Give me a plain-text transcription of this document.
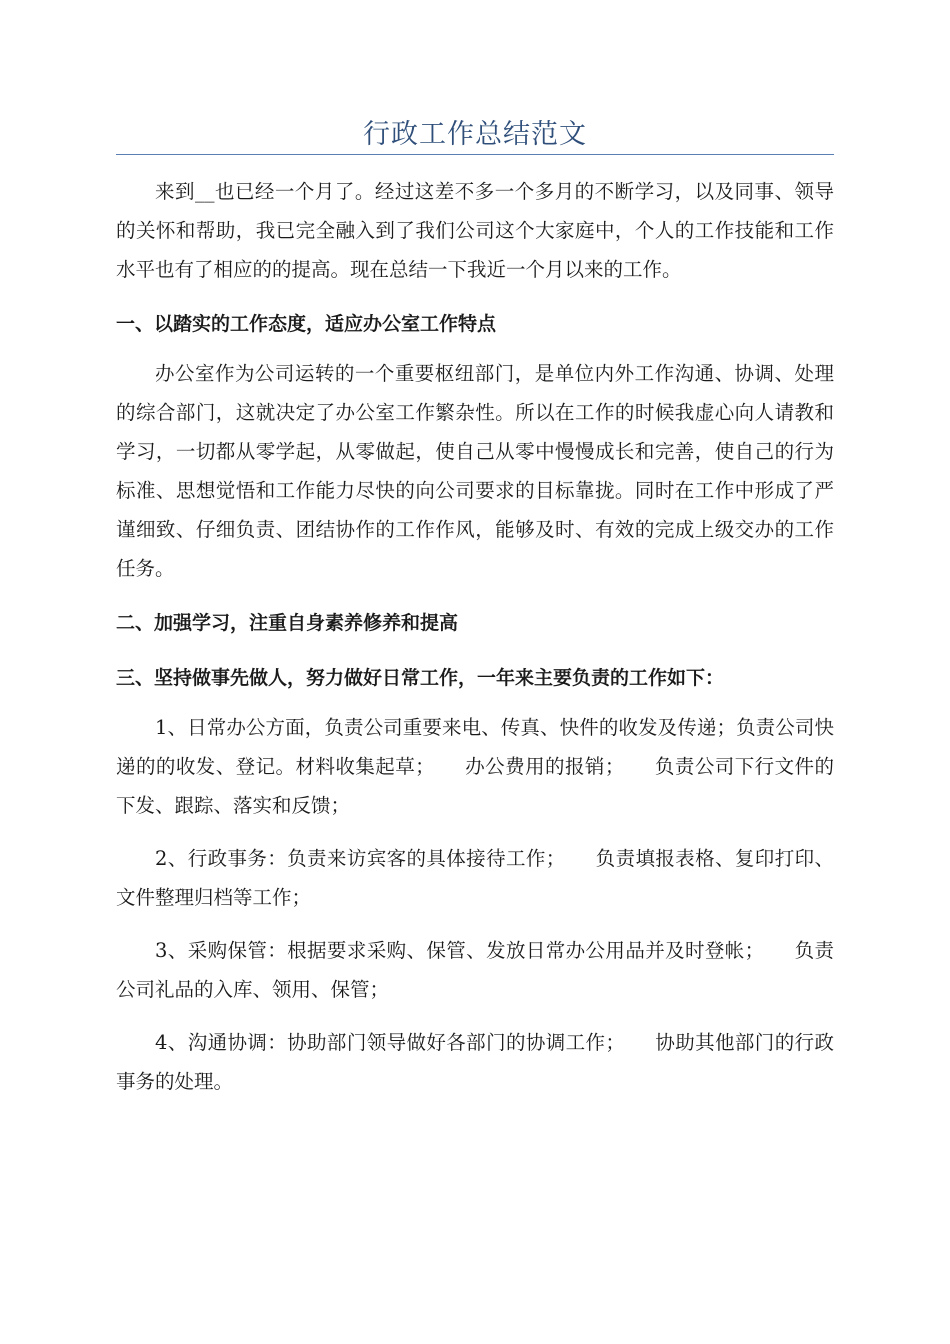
行政工作总结范文

来到__也已经一个月了。经过这差不多一个多月的不断学习，以及同事、领导的关怀和帮助，我已完全融入到了我们公司这个大家庭中，个人的工作技能和工作水平也有了相应的的提高。现在总结一下我近一个月以来的工作。

一、以踏实的工作态度，适应办公室工作特点

办公室作为公司运转的一个重要枢纽部门，是单位内外工作沟通、协调、处理的综合部门，这就决定了办公室工作繁杂性。所以在工作的时候我虚心向人请教和学习，一切都从零学起，从零做起，使自己从零中慢慢成长和完善，使自己的行为标准、思想觉悟和工作能力尽快的向公司要求的目标靠拢。同时在工作中形成了严谨细致、仔细负责、团结协作的工作作风，能够及时、有效的完成上级交办的工作任务。

二、加强学习，注重自身素养修养和提高

三、坚持做事先做人，努力做好日常工作，一年来主要负责的工作如下：

1、日常办公方面，负责公司重要来电、传真、快件的收发及传递；负责公司快递的的收发、登记。材料收集起草；　　办公费用的报销；　　负责公司下行文件的下发、跟踪、落实和反馈；

2、行政事务：负责来访宾客的具体接待工作；　　负责填报表格、复印打印、文件整理归档等工作；

3、采购保管：根据要求采购、保管、发放日常办公用品并及时登帐；　　负责公司礼品的入库、领用、保管；

4、沟通协调：协助部门领导做好各部门的协调工作；　　协助其他部门的行政事务的处理。
